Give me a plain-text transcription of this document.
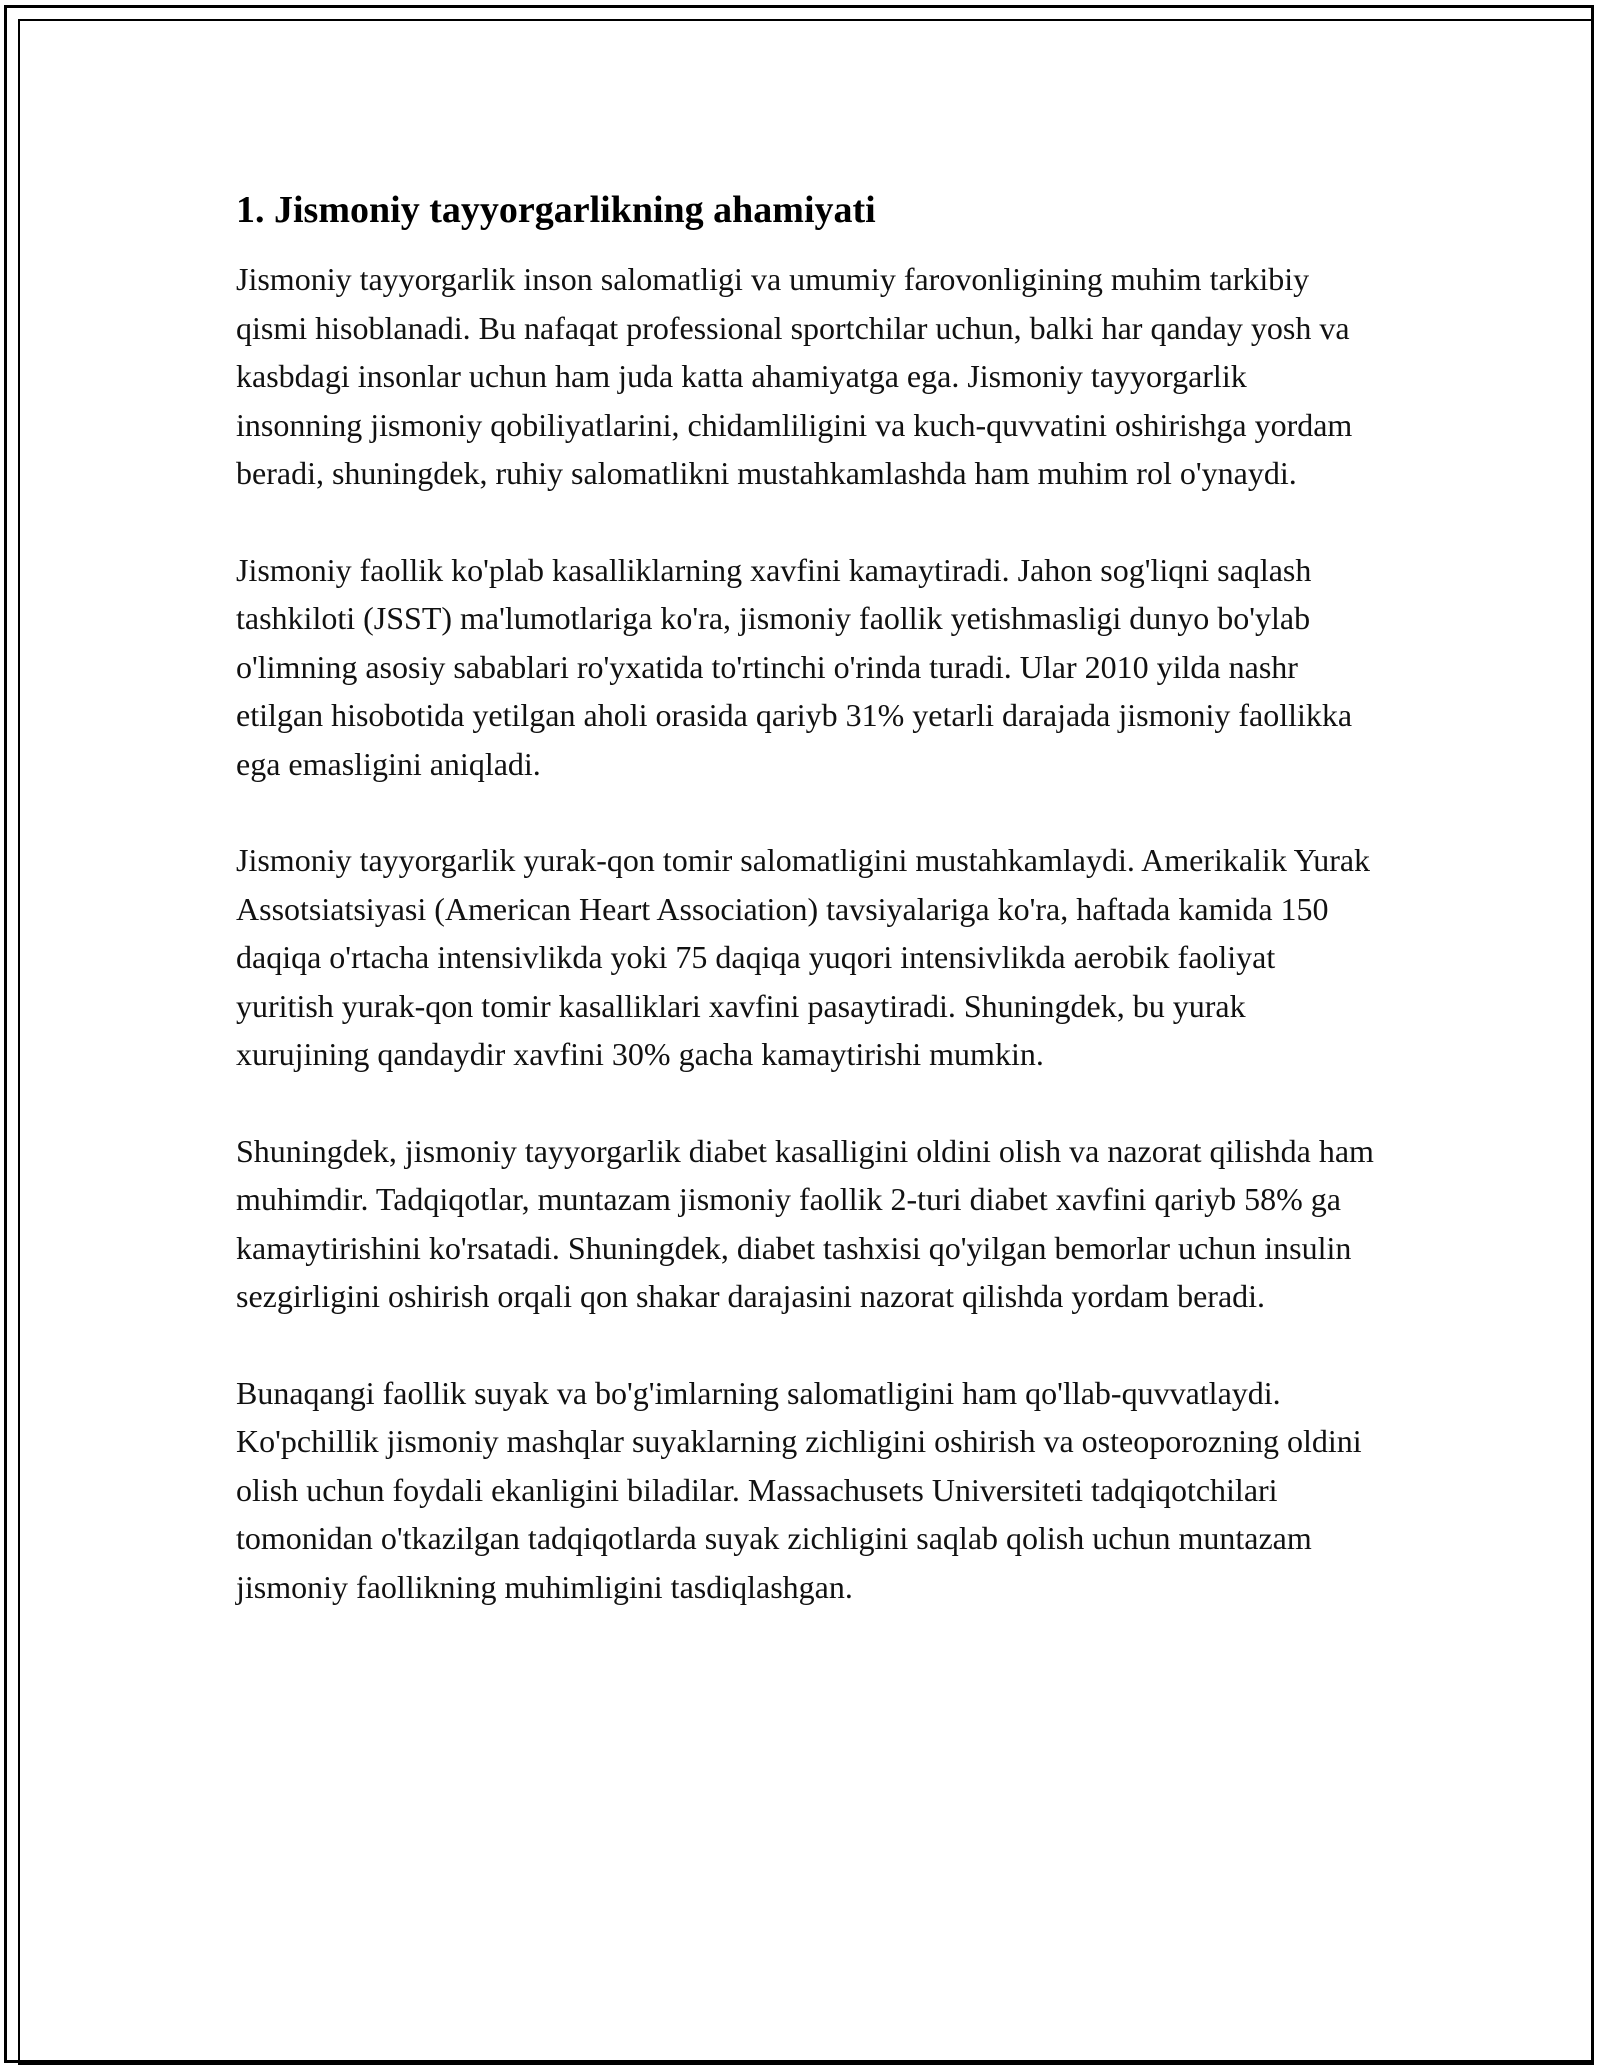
1. Jismoniy tayyorgarlikning ahamiyati

Jismoniy tayyorgarlik inson salomatligi va umumiy farovonligining muhim tarkibiy qismi hisoblanadi. Bu nafaqat professional sportchilar uchun, balki har qanday yosh va kasbdagi insonlar uchun ham juda katta ahamiyatga ega. Jismoniy tayyorgarlik insonning jismoniy qobiliyatlarini, chidamliligini va kuch-quvvatini oshirishga yordam beradi, shuningdek, ruhiy salomatlikni mustahkamlashda ham muhim rol o'ynaydi.

Jismoniy faollik ko'plab kasalliklarning xavfini kamaytiradi. Jahon sog'liqni saqlash tashkiloti (JSST) ma'lumotlariga ko'ra, jismoniy faollik yetishmasligi dunyo bo'ylab o'limning asosiy sabablari ro'yxatida to'rtinchi o'rinda turadi. Ular 2010 yilda nashr etilgan hisobotida yetilgan aholi orasida qariyb 31% yetarli darajada jismoniy faollikka ega emasligini aniqladi.

Jismoniy tayyorgarlik yurak-qon tomir salomatligini mustahkamlaydi. Amerikalik Yurak Assotsiatsiyasi (American Heart Association) tavsiyalariga ko'ra, haftada kamida 150 daqiqa o'rtacha intensivlikda yoki 75 daqiqa yuqori intensivlikda aerobik faoliyat yuritish yurak-qon tomir kasalliklari xavfini pasaytiradi. Shuningdek, bu yurak xurujining qandaydir xavfini 30% gacha kamaytirishi mumkin.

Shuningdek, jismoniy tayyorgarlik diabet kasalligini oldini olish va nazorat qilishda ham muhimdir. Tadqiqotlar, muntazam jismoniy faollik 2-turi diabet xavfini qariyb 58% ga kamaytirishini ko'rsatadi. Shuningdek, diabet tashxisi qo'yilgan bemorlar uchun insulin sezgirligini oshirish orqali qon shakar darajasini nazorat qilishda yordam beradi.

Bunaqangi faollik suyak va bo'g'imlarning salomatligini ham qo'llab-quvvatlaydi. Ko'pchillik jismoniy mashqlar suyaklarning zichligini oshirish va osteoporozning oldini olish uchun foydali ekanligini biladilar. Massachusets Universiteti tadqiqotchilari tomonidan o'tkazilgan tadqiqotlarda suyak zichligini saqlab qolish uchun muntazam jismoniy faollikning muhimligini tasdiqlashgan.
